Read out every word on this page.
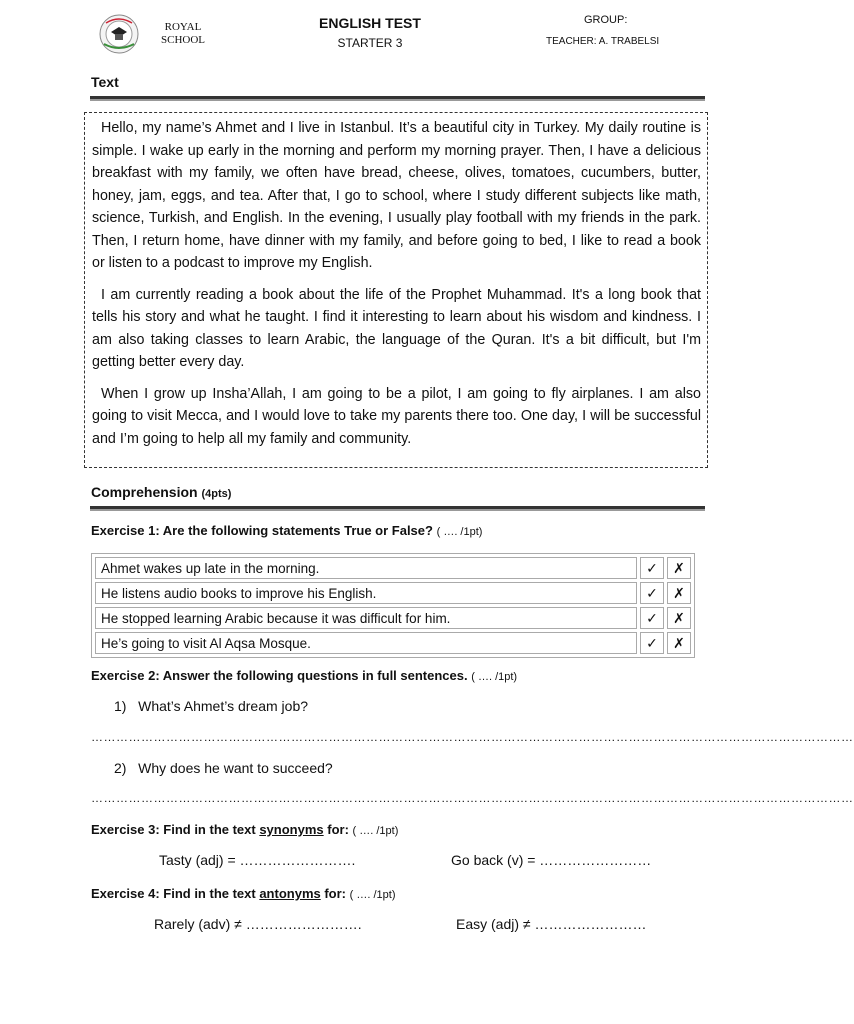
ROYAL
SCHOOL
ENGLISH TEST
STARTER 3
GROUP:
TEACHER: A. TRABELSI
Text

Hello, my name’s Ahmet and I live in Istanbul. It’s a beautiful city in Turkey. My daily routine is simple. I wake up early in the morning and perform my morning prayer. Then, I have a delicious breakfast with my family, we often have bread, cheese, olives, tomatoes, cucumbers, butter, honey, jam, eggs, and tea. After that, I go to school, where I study different subjects like math, science, Turkish, and English. In the evening, I usually play football with my friends in the park. Then, I return home, have dinner with my family, and before going to bed, I like to read a book or listen to a podcast to improve my English.

I am currently reading a book about the life of the Prophet Muhammad. It's a long book that tells his story and what he taught. I find it interesting to learn about his wisdom and kindness. I am also taking classes to learn Arabic, the language of the Quran. It's a bit difficult, but I'm getting better every day.

When I grow up Insha’Allah, I am going to be a pilot, I am going to fly airplanes. I am also going to visit Mecca, and I would love to take my parents there too. One day, I will be successful and I’m going to help all my family and community.

Comprehension (4pts)
Exercise 1: Are the following statements True or False? ( …. /1pt)
Ahmet wakes up late in the morning.	✓	✗
He listens audio books to improve his English.	✓	✗
He stopped learning Arabic because it was difficult for him.	✓	✗
He’s going to visit Al Aqsa Mosque.	✓	✗
Exercise 2: Answer the following questions in full sentences. ( …. /1pt)
1) What’s Ahmet’s dream job?
…………………………………………………………………………………………………………………………………………………………………
2) Why does he want to succeed?
…………………………………………………………………………………………………………………………………………………………………
Exercise 3: Find in the text synonyms for: ( …. /1pt)
Tasty (adj) = …………………….	Go back (v) = ……………………
Exercise 4: Find in the text antonyms for: ( …. /1pt)
Rarely (adv) ≠ …………………….	Easy (adj) ≠ ……………………
